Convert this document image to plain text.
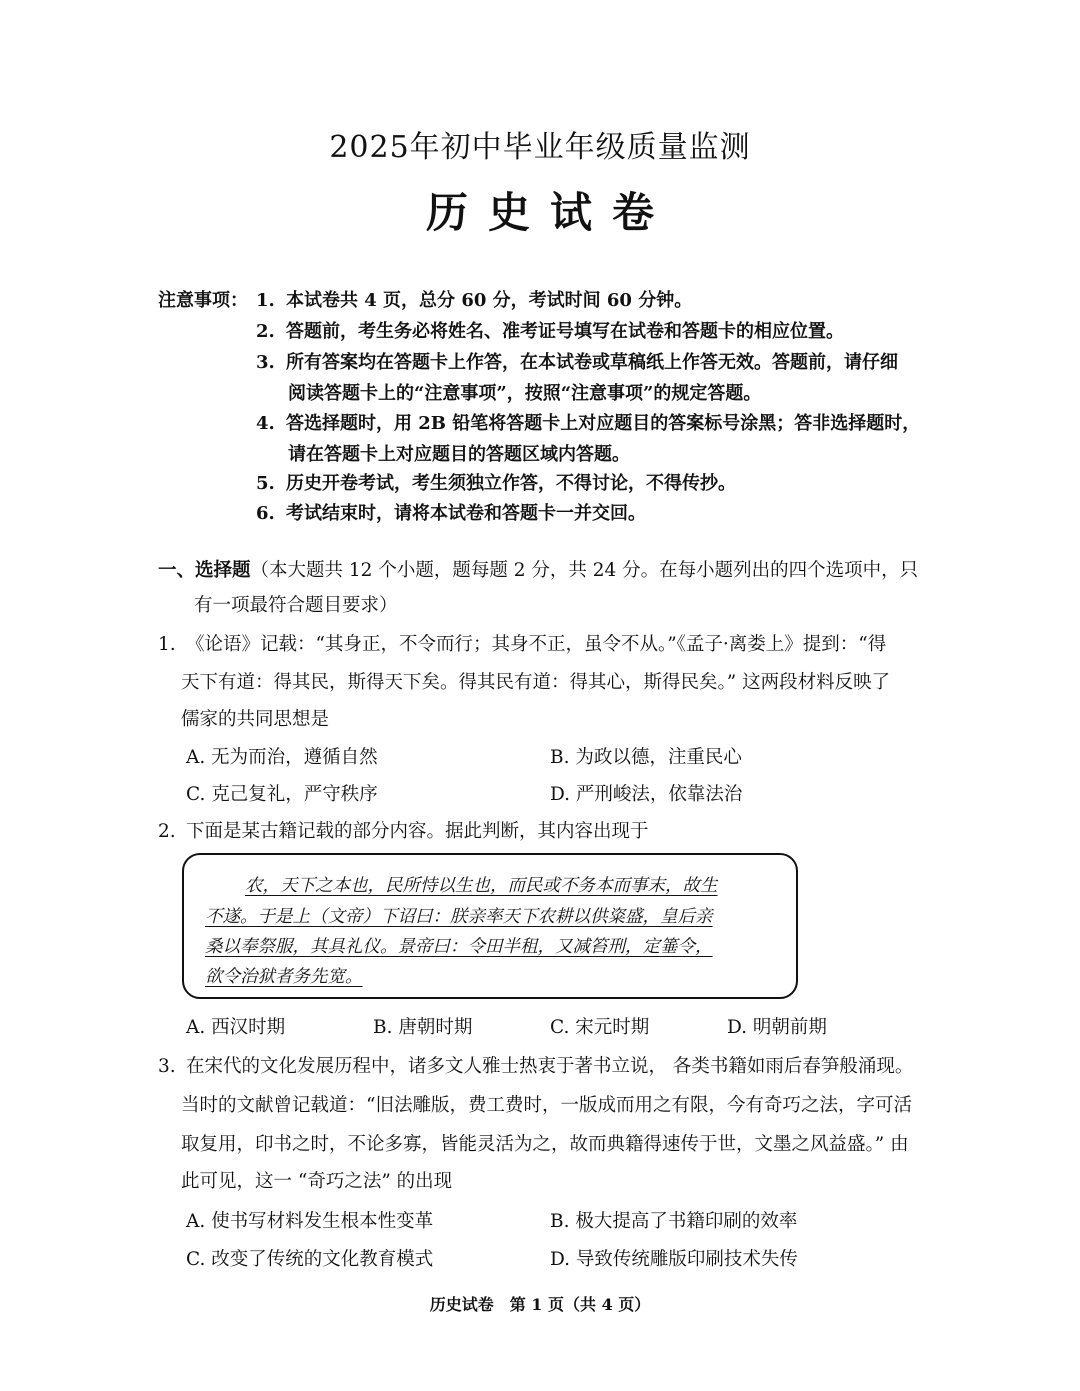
2025年初中毕业年级质量监测
历史试卷
注意事项： 1. 本试卷共 4 页，总分 60 分，考试时间 60 分钟。
2. 答题前，考生务必将姓名、准考证号填写在试卷和答题卡的相应位置。
3. 所有答案均在答题卡上作答，在本试卷或草稿纸上作答无效。答题前，请仔细
阅读答题卡上的“注意事项”，按照“注意事项”的规定答题。
4. 答选择题时，用 2B 铅笔将答题卡上对应题目的答案标号涂黑；答非选择题时，
请在答题卡上对应题目的答题区域内答题。
5. 历史开卷考试，考生须独立作答，不得讨论，不得传抄。
6. 考试结束时，请将本试卷和答题卡一并交回。
一、选择题（本大题共 12 个小题，题每题 2 分，共 24 分。在每小题列出的四个选项中，只
有一项最符合题目要求）
1. 《论语》记载：“其身正，不令而行；其身不正，虽令不从。”《孟子·离娄上》提到：“得
天下有道：得其民，斯得天下矣。得其民有道：得其心，斯得民矣。” 这两段材料反映了
儒家的共同思想是
A. 无为而治，遵循自然	B. 为政以德，注重民心
C. 克己复礼，严守秩序	D. 严刑峻法，依靠法治
2. 下面是某古籍记载的部分内容。据此判断，其内容出现于
农，天下之本也，民所恃以生也，而民或不务本而事末，故生
不遂。于是上（文帝）下诏曰：朕亲率天下农耕以供粢盛，皇后亲
桑以奉祭服，其具礼仪。景帝曰：令田半租，又减笞刑，定箠令，
欲令治狱者务先宽。
A. 西汉时期	B. 唐朝时期	C. 宋元时期	D. 明朝前期
3. 在宋代的文化发展历程中，诸多文人雅士热衷于著书立说， 各类书籍如雨后春笋般涌现。
当时的文献曾记载道：“旧法雕版，费工费时，一版成而用之有限，今有奇巧之法，字可活
取复用，印书之时，不论多寡，皆能灵活为之，故而典籍得速传于世，文墨之风益盛。” 由
此可见，这一 “奇巧之法” 的出现
A. 使书写材料发生根本性变革	B. 极大提高了书籍印刷的效率
C. 改变了传统的文化教育模式	D. 导致传统雕版印刷技术失传
历史试卷　第 1 页（共 4 页）
